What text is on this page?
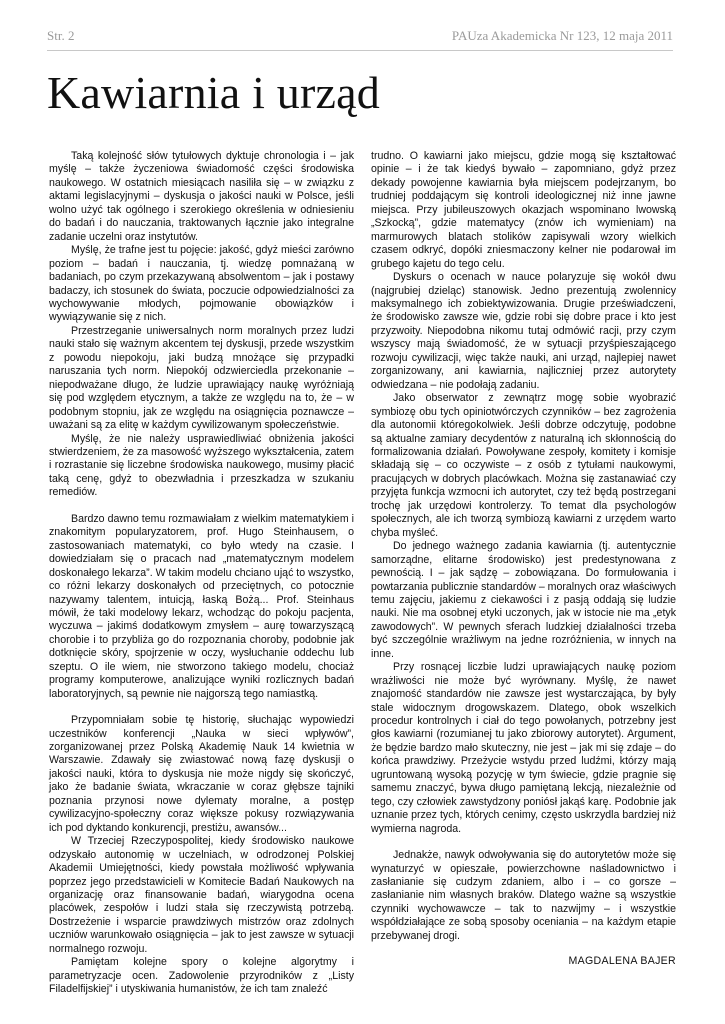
Str. 2	PAUza Akademicka Nr 123, 12 maja 2011
Kawiarnia i urząd

Taką kolejność słów tytułowych dyktuje chronologia i – jak myślę – także życzeniowa świadomość części środowiska naukowego. W ostatnich miesiącach nasiliła się – w związku z aktami legislacyjnymi – dyskusja o jakości nauki w Polsce, jeśli wolno użyć tak ogólnego i szerokiego określenia w odniesieniu do badań i do nauczania, traktowanych łącznie jako integralne zadanie uczelni oraz instytutów.

Myślę, że trafne jest tu pojęcie: jakość, gdyż mieści zarówno poziom – badań i nauczania, tj. wiedzę pomnażaną w badaniach, po czym przekazywaną absolwentom – jak i postawy badaczy, ich stosunek do świata, poczucie odpowiedzialności za wychowywanie młodych, pojmowanie obowiązków i wywiązywanie się z nich.

Przestrzeganie uniwersalnych norm moralnych przez ludzi nauki stało się ważnym akcentem tej dyskusji, przede wszystkim z powodu niepokoju, jaki budzą mnożące się przypadki naruszania tych norm. Niepokój odzwierciedla przekonanie – niepodważane długo, że ludzie uprawiający naukę wyróżniają się pod względem etycznym, a także ze względu na to, że – w podobnym stopniu, jak ze względu na osiągnięcia poznawcze – uważani są za elitę w każdym cywilizowanym społeczeństwie.

Myślę, że nie należy usprawiedliwiać obniżenia jakości stwierdzeniem, że za masowość wyższego wykształcenia, zatem i rozrastanie się liczebne środowiska naukowego, musimy płacić taką cenę, gdyż to obezwładnia i przeszkadza w szukaniu remediów.

Bardzo dawno temu rozmawiałam z wielkim matematykiem i znakomitym popularyzatorem, prof. Hugo Steinhausem, o zastosowaniach matematyki, co było wtedy na czasie. I dowiedziałam się o pracach nad „matematycznym modelem doskonałego lekarza”. W takim modelu chciano ująć to wszystko, co różni lekarzy doskonałych od przeciętnych, co potocznie nazywamy talentem, intuicją, łaską Bożą... Prof. Steinhaus mówił, że taki modelowy lekarz, wchodząc do pokoju pacjenta, wyczuwa – jakimś dodatkowym zmysłem – aurę towarzyszącą chorobie i to przybliża go do rozpoznania choroby, podobnie jak dotknięcie skóry, spojrzenie w oczy, wysłuchanie oddechu lub szeptu. O ile wiem, nie stworzono takiego modelu, chociaż programy komputerowe, analizujące wyniki rozlicznych badań laboratoryjnych, są pewnie nie najgorszą tego namiastką.

Przypomniałam sobie tę historię, słuchając wypowiedzi uczestników konferencji „Nauka w sieci wpływów”, zorganizowanej przez Polską Akademię Nauk 14 kwietnia w Warszawie. Zdawały się zwiastować nową fazę dyskusji o jakości nauki, która to dyskusja nie może nigdy się skończyć, jako że badanie świata, wkraczanie w coraz głębsze tajniki poznania przynosi nowe dylematy moralne, a postęp cywilizacyjno-społeczny coraz większe pokusy rozwiązywania ich pod dyktando konkurencji, prestiżu, awansów...

W Trzeciej Rzeczypospolitej, kiedy środowisko naukowe odzyskało autonomię w uczelniach, w odrodzonej Polskiej Akademii Umiejętności, kiedy powstała możliwość wpływania poprzez jego przedstawicieli w Komitecie Badań Naukowych na organizację oraz finansowanie badań, wiarygodna ocena placówek, zespołów i ludzi stała się rzeczywistą potrzebą. Dostrzeżenie i wsparcie prawdziwych mistrzów oraz zdolnych uczniów warunkowało osiągnięcia – jak to jest zawsze w sytuacji normalnego rozwoju.

Pamiętam kolejne spory o kolejne algorytmy i parametryzacje ocen. Zadowolenie przyrodników z „Listy Filadelfijskiej” i utyskiwania humanistów, że ich tam znaleźć

trudno. O kawiarni jako miejscu, gdzie mogą się kształtować opinie – i że tak kiedyś bywało – zapomniano, gdyż przez dekady powojenne kawiarnia była miejscem podejrzanym, bo trudniej poddającym się kontroli ideologicznej niż inne jawne miejsca. Przy jubileuszowych okazjach wspominano lwowską „Szkocką”, gdzie matematycy (znów ich wymieniam) na marmurowych blatach stolików zapisywali wzory wielkich czasem odkryć, dopóki zniesmaczony kelner nie podarował im grubego kajetu do tego celu.

Dyskurs o ocenach w nauce polaryzuje się wokół dwu (najgrubiej dzieląc) stanowisk. Jedno prezentują zwolennicy maksymalnego ich zobiektywizowania. Drugie przeświadczeni, że środowisko zawsze wie, gdzie robi się dobre prace i kto jest przyzwoity. Niepodobna nikomu tutaj odmówić racji, przy czym wszyscy mają świadomość, że w sytuacji przyśpieszającego rozwoju cywilizacji, więc także nauki, ani urząd, najlepiej nawet zorganizowany, ani kawiarnia, najliczniej przez autorytety odwiedzana – nie podołają zadaniu.

Jako obserwator z zewnątrz mogę sobie wyobrazić symbiozę obu tych opiniotwórczych czynników – bez zagrożenia dla autonomii któregokolwiek. Jeśli dobrze odczytuję, podobne są aktualne zamiary decydentów z naturalną ich skłonnością do formalizowania działań. Powoływane zespoły, komitety i komisje składają się – co oczywiste – z osób z tytułami naukowymi, pracujących w dobrych placówkach. Można się zastanawiać czy przyjęta funkcja wzmocni ich autorytet, czy też będą postrzegani trochę jak urzędowi kontrolerzy. To temat dla psychologów społecznych, ale ich tworzą symbiozą kawiarni z urzędem warto chyba myśleć.

Do jednego ważnego zadania kawiarnia (tj. autentycznie samorządne, elitarne środowisko) jest predestynowana z pewnością. I – jak sądzę – zobowiązana. Do formułowania i powtarzania publicznie standardów – moralnych oraz właściwych temu zajęciu, jakiemu z ciekawości i z pasją oddają się ludzie nauki. Nie ma osobnej etyki uczonych, jak w istocie nie ma „etyk zawodowych”. W pewnych sferach ludzkiej działalności trzeba być szczególnie wrażliwym na jedne rozróżnienia, w innych na inne.

Przy rosnącej liczbie ludzi uprawiających naukę poziom wrażliwości nie może być wyrównany. Myślę, że nawet znajomość standardów nie zawsze jest wystarczająca, by były stale widocznym drogowskazem. Dlatego, obok wszelkich procedur kontrolnych i ciał do tego powołanych, potrzebny jest głos kawiarni (rozumianej tu jako zbiorowy autorytet). Argument, że będzie bardzo mało skuteczny, nie jest – jak mi się zdaje – do końca prawdziwy. Przeżycie wstydu przed ludźmi, którzy mają ugruntowaną wysoką pozycję w tym świecie, gdzie pragnie się samemu znaczyć, bywa długo pamiętaną lekcją, niezależnie od tego, czy człowiek zawstydzony poniósł jakąś karę. Podobnie jak uznanie przez tych, których cenimy, często uskrzydla bardziej niż wymierna nagroda.

Jednakże, nawyk odwoływania się do autorytetów może się wynaturzyć w opieszałe, powierzchowne naśladownictwo i zasłanianie się cudzym zdaniem, albo i – co gorsze – zasłanianie nim własnych braków. Dlatego ważne są wszystkie czynniki wychowawcze – tak to nazwijmy – i wszystkie współdziałające ze sobą sposoby oceniania – na każdym etapie przebywanej drogi.

MAGDALENA BAJER
